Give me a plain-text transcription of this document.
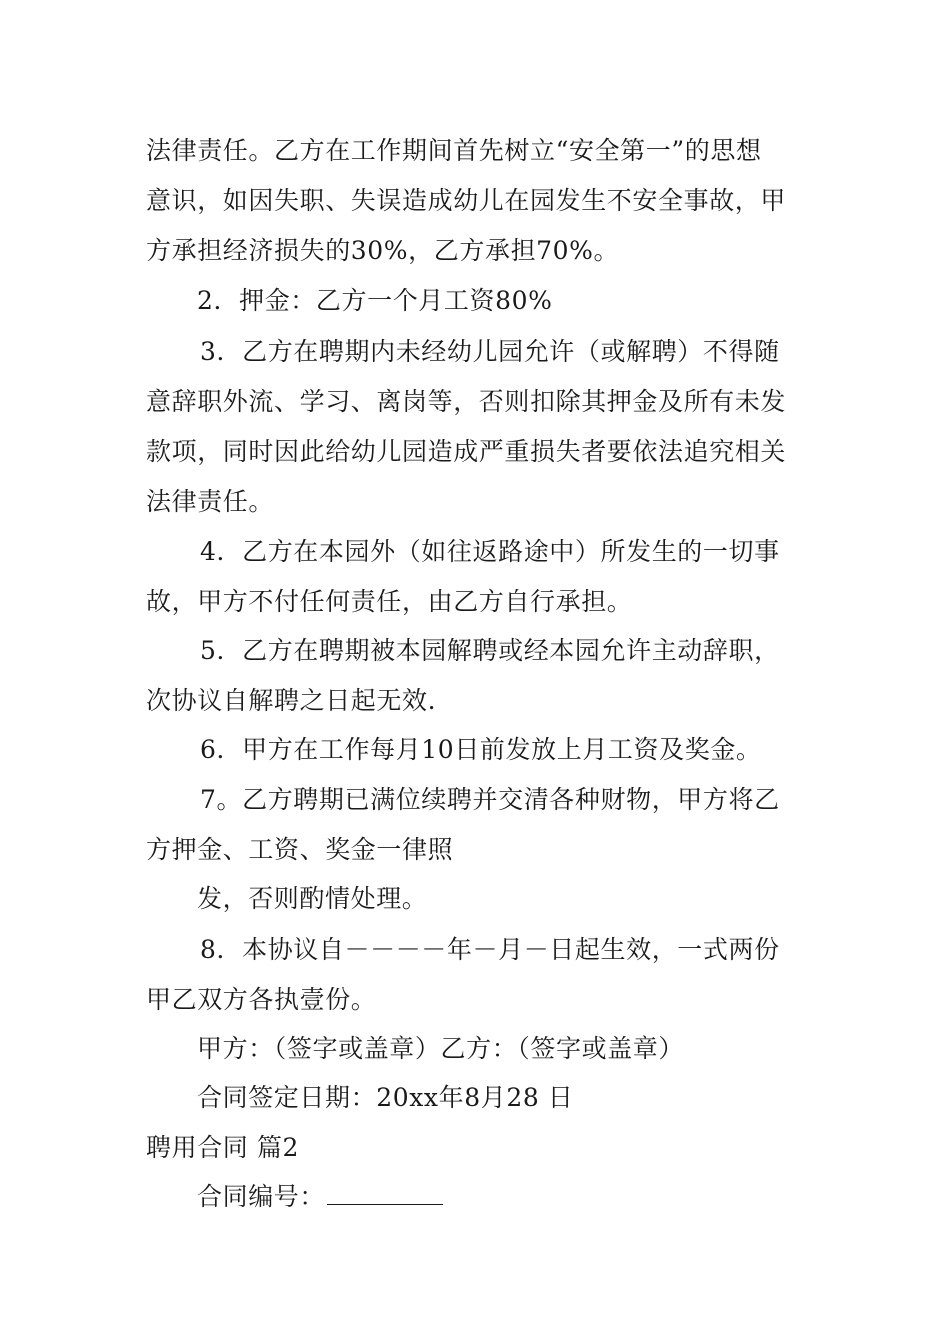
法律责任。乙方在工作期间首先树立“安全第一”的思想
意识，如因失职、失误造成幼儿在园发生不安全事故，甲
方承担经济损失的30%，乙方承担70%。
2．押金：乙方一个月工资80%
3．乙方在聘期内未经幼儿园允许（或解聘）不得随
意辞职外流、学习、离岗等，否则扣除其押金及所有未发
款项，同时因此给幼儿园造成严重损失者要依法追究相关
法律责任。
4．乙方在本园外（如往返路途中）所发生的一切事
故，甲方不付任何责任，由乙方自行承担。
5．乙方在聘期被本园解聘或经本园允许主动辞职，
次协议自解聘之日起无效.
6．甲方在工作每月10日前发放上月工资及奖金。
7。乙方聘期已满位续聘并交清各种财物，甲方将乙
方押金、工资、奖金一律照
发，否则酌情处理。
8．本协议自－－－－年－月－日起生效，一式两份
甲乙双方各执壹份。
甲方：（签字或盖章）乙方：（签字或盖章）
合同签定日期：20xx年8月28 日
聘用合同 篇2
合同编号：
